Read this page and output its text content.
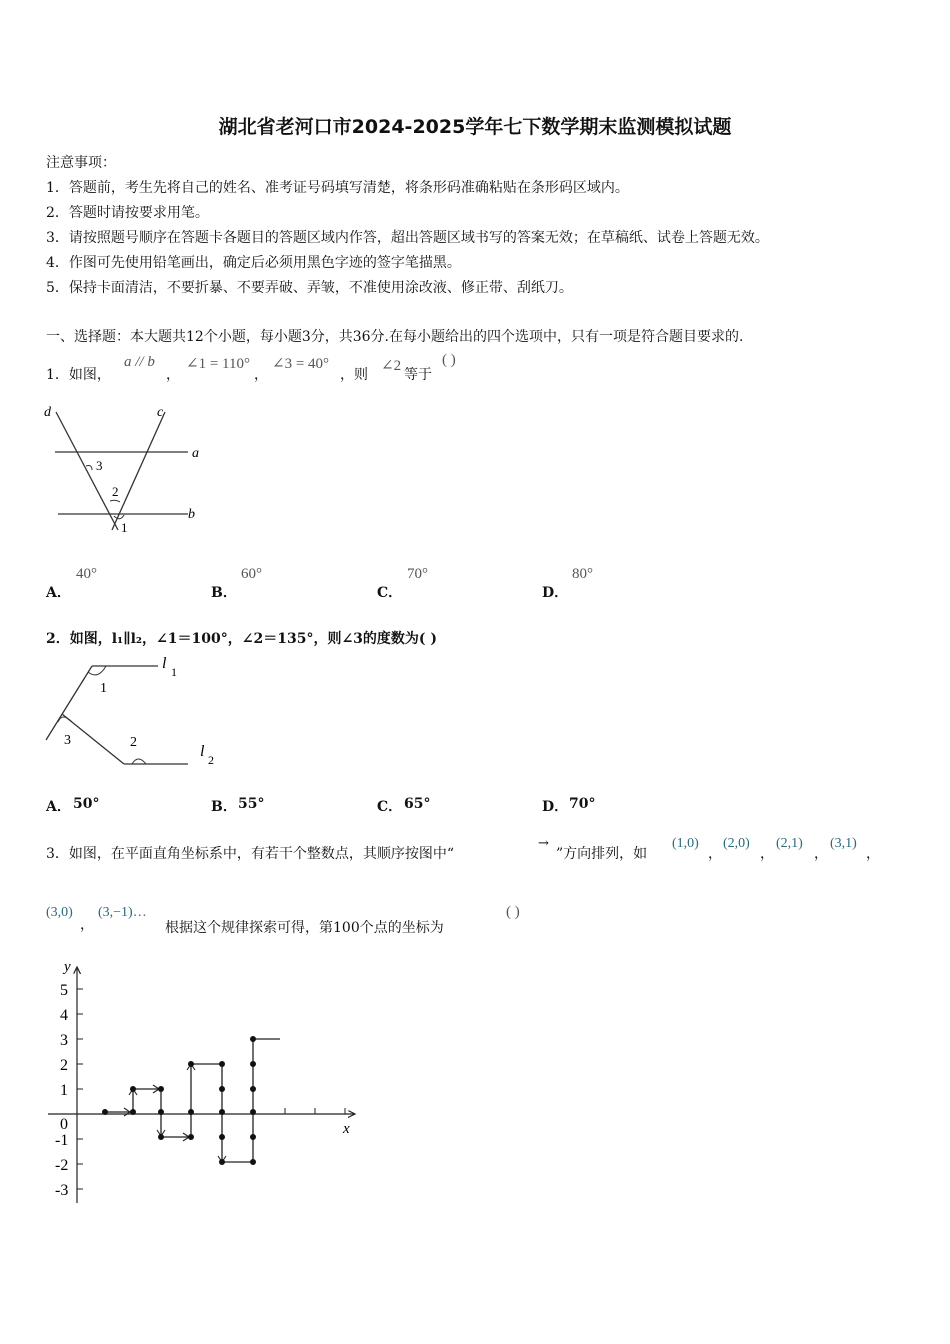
湖北省老河口市2024-2025学年七下数学期末监测模拟试题
注意事项：
1．答题前，考生先将自己的姓名、准考证号码填写清楚，将条形码准确粘贴在条形码区域内。
2．答题时请按要求用笔。
3．请按照题号顺序在答题卡各题目的答题区域内作答，超出答题区域书写的答案无效；在草稿纸、试卷上答题无效。
4．作图可先使用铅笔画出，确定后必须用黑色字迹的签字笔描黑。
5．保持卡面清洁，不要折暴、不要弄破、弄皱，不准使用涂改液、修正带、刮纸刀。
一、选择题：本大题共12个小题，每小题3分，共36分.在每小题给出的四个选项中，只有一项是符合题目要求的.
1．如图，
a // b
，
∠1 = 110°
，
∠3 = 40°
，则
∠2
等于
( )
d	c
a
b
3
2
1
A．
40°
B．
60°
C．
70°
D．
80°
2．如图，l₁∥l₂，∠1＝100°，∠2＝135°，则∠3的度数为( )
l 1
l 2
1
3	2
A． 50°	B． 55°	C． 65°	D． 70°
3．如图，在平面直角坐标系中，有若干个整数点，其顺序按图中“
→
”方向排列，如
(1,0)
，
(2,0)
，
(2,1)
，
(3,1)
，
(3,0)
，
(3,−1)…
根据这个规律探索可得，第100个点的坐标为
( )
y
x
5
4
3
2
1
0
-1
-2
-3
